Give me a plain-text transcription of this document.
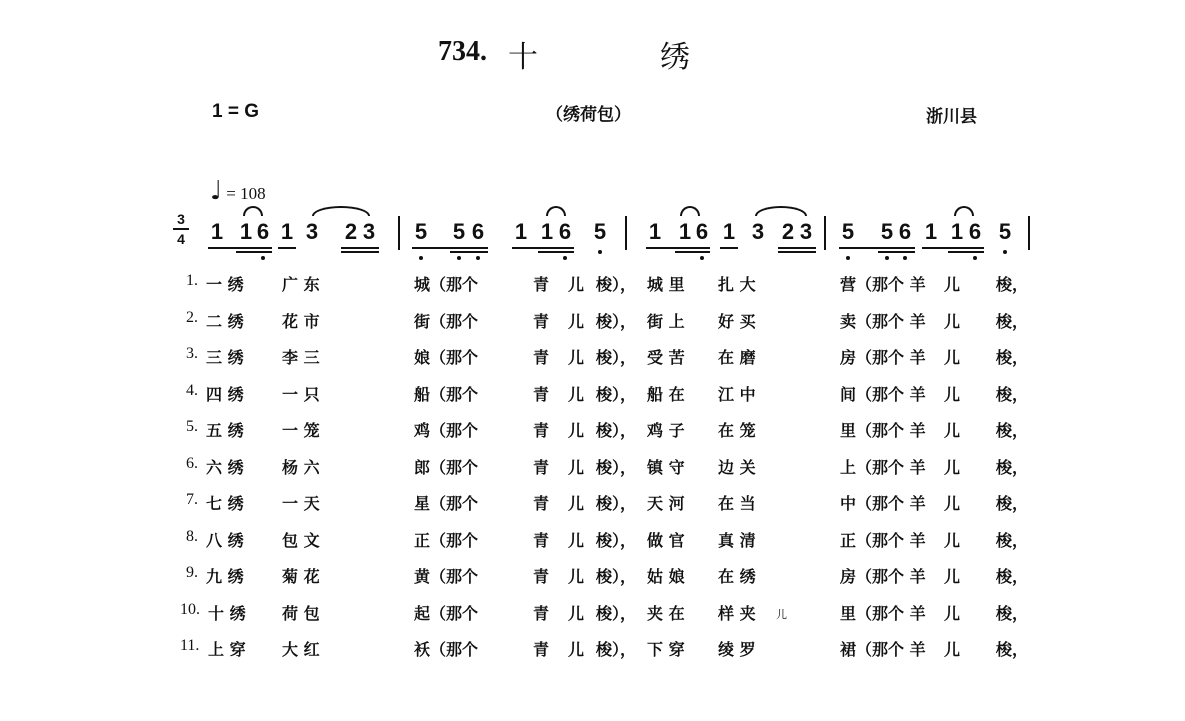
734. 十	绣
1 = G	（绣荷包）	浙川县
♩ = 108
3
4 1 1 6 1 3 2 3 5 5 6 1 1 6 5 1 1 6 1 3 2 3 5 5 6 1 1 6 5
1. 一 绣 广 东	城 （那个	青 儿 梭）， 城 里 扎 大	营 （那个 羊 儿 梭，
2. 二 绣 花 市	街 （那个	青 儿 梭）， 街 上 好 买	卖 （那个 羊 儿 梭，
3. 三 绣 李 三	娘 （那个	青 儿 梭）， 受 苦 在 磨	房 （那个 羊 儿 梭，
4. 四 绣 一 只	船 （那个	青 儿 梭）， 船 在 江 中	间 （那个 羊 儿 梭，
5. 五 绣 一 笼	鸡 （那个	青 儿 梭）， 鸡 子 在 笼	里 （那个 羊 儿 梭，
6. 六 绣 杨 六	郎 （那个	青 儿 梭）， 镇 守 边 关	上 （那个 羊 儿 梭，
7. 七 绣 一 天	星 （那个	青 儿 梭）， 天 河 在 当	中 （那个 羊 儿 梭，
8. 八 绣 包 文	正 （那个	青 儿 梭）， 做 官 真 清	正 （那个 羊 儿 梭，
9. 九 绣 菊 花	黄 （那个	青 儿 梭）， 姑 娘 在 绣	房 （那个 羊 儿 梭，
10. 十 绣 荷 包	起 （那个	青 儿 梭）， 夹 在 样 夹 儿	里 （那个 羊 儿 梭，
11. 上 穿 大 红	袄 （那个	青 儿 梭）， 下 穿 绫 罗	裙 （那个 羊 儿 梭，
